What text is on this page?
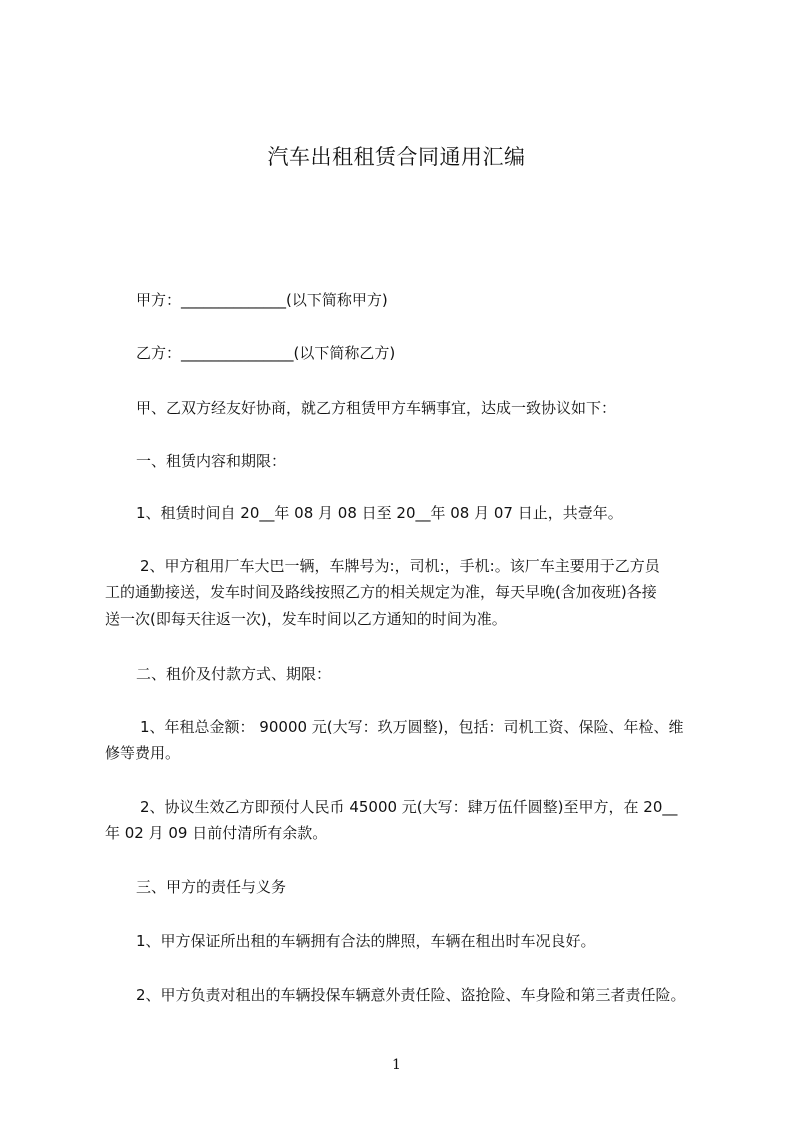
汽车出租租赁合同通用汇编
甲方：______________(以下简称甲方)
乙方：_______________(以下简称乙方)
甲、乙双方经友好协商，就乙方租赁甲方车辆事宜，达成一致协议如下：
一、租赁内容和期限：
1、租赁时间自 20__年 08 月 08 日至 20__年 08 月 07 日止，共壹年。
2、甲方租用厂车大巴一辆，车牌号为:，司机:，手机:。该厂车主要用于乙方员
工的通勤接送，发车时间及路线按照乙方的相关规定为准，每天早晚(含加夜班)各接
送一次(即每天往返一次)，发车时间以乙方通知的时间为准。
二、租价及付款方式、期限：
1、年租总金额： 90000 元(大写：玖万圆整)，包括：司机工资、保险、年检、维
修等费用。
2、协议生效乙方即预付人民币 45000 元(大写：肆万伍仟圆整)至甲方，在 20__
年 02 月 09 日前付清所有余款。
三、甲方的责任与义务
1、甲方保证所出租的车辆拥有合法的牌照，车辆在租出时车况良好。
2、甲方负责对租出的车辆投保车辆意外责任险、盗抢险、车身险和第三者责任险。
1
